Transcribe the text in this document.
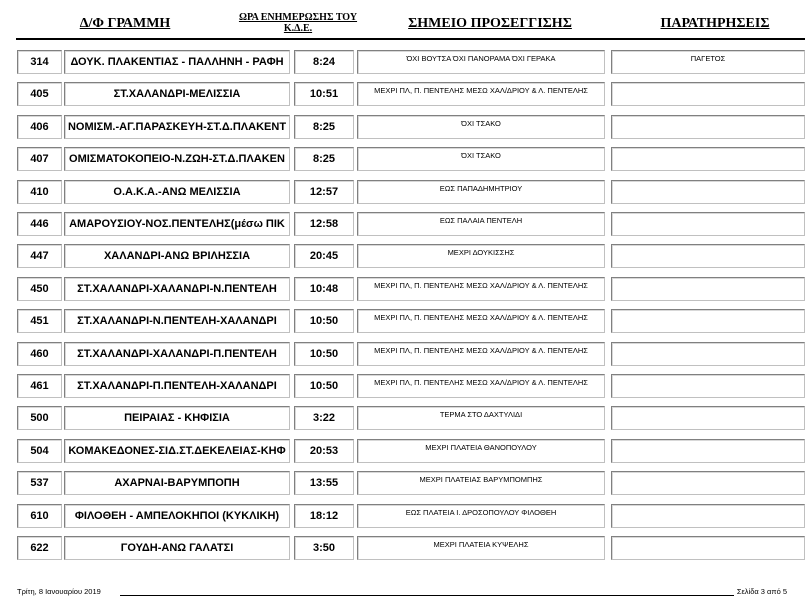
Δ/Φ ΓΡΑΜΜΗ	ΩΡΑ ΕΝΗΜΕΡΩΣΗΣ ΤΟΥ
Κ.Δ.Ε.	ΣΗΜΕΙΟ ΠΡΟΣΕΓΓΙΣΗΣ	ΠΑΡΑΤΗΡΗΣΕΙΣ
314	ΔΟΥΚ. ΠΛΑΚΕΝΤΙΑΣ - ΠΑΛΛΗΝΗ - ΡΑΦΗ	8:24	ΌΧΙ ΒΟΥΤΣΑ ΌΧΙ ΠΑΝΟΡΑΜΑ ΌΧΙ ΓΕΡΑΚΑ	ΠΑΓΕΤΟΣ
405	ΣΤ.ΧΑΛΑΝΔΡΙ-ΜΕΛΙΣΣΙΑ	10:51	ΜΕΧΡΙ ΠΛ, Π. ΠΕΝΤΕΛΗΣ ΜΕΣΩ ΧΑΛ/ΔΡΙΟΥ & Λ. ΠΕΝΤΕΛΗΣ
406	ΝΟΜΙΣΜ.-ΑΓ.ΠΑΡΑΣΚΕΥΗ-ΣΤ.Δ.ΠΛΑΚΕΝΤ	8:25	ΌΧΙ ΤΣΑΚΟ
407	ΟΜΙΣΜΑΤΟΚΟΠΕΙΟ-Ν.ΖΩΗ-ΣΤ.Δ.ΠΛΑΚΕΝ	8:25	ΌΧΙ ΤΣΑΚΟ
410	Ο.Α.Κ.Α.-ΑΝΩ ΜΕΛΙΣΣΙΑ	12:57	ΕΩΣ ΠΑΠΑΔΗΜΗΤΡΙΟΥ
446	ΑΜΑΡΟΥΣΙΟΥ-ΝΟΣ.ΠΕΝΤΕΛΗΣ(μέσω ΠΙΚ	12:58	ΕΩΣ ΠΑΛΑΙΑ ΠΕΝΤΕΛΗ
447	ΧΑΛΑΝΔΡΙ-ΑΝΩ ΒΡΙΛΗΣΣΙΑ	20:45	ΜΕΧΡΙ ΔΟΥΚΙΣΣΗΣ
450	ΣΤ.ΧΑΛΑΝΔΡΙ-ΧΑΛΑΝΔΡΙ-Ν.ΠΕΝΤΕΛΗ	10:48	ΜΕΧΡΙ ΠΛ, Π. ΠΕΝΤΕΛΗΣ ΜΕΣΩ ΧΑΛ/ΔΡΙΟΥ & Λ. ΠΕΝΤΕΛΗΣ
451	ΣΤ.ΧΑΛΑΝΔΡΙ-Ν.ΠΕΝΤΕΛΗ-ΧΑΛΑΝΔΡΙ	10:50	ΜΕΧΡΙ ΠΛ, Π. ΠΕΝΤΕΛΗΣ ΜΕΣΩ ΧΑΛ/ΔΡΙΟΥ & Λ. ΠΕΝΤΕΛΗΣ
460	ΣΤ.ΧΑΛΑΝΔΡΙ-ΧΑΛΑΝΔΡΙ-Π.ΠΕΝΤΕΛΗ	10:50	ΜΕΧΡΙ ΠΛ, Π. ΠΕΝΤΕΛΗΣ ΜΕΣΩ ΧΑΛ/ΔΡΙΟΥ & Λ. ΠΕΝΤΕΛΗΣ
461	ΣΤ.ΧΑΛΑΝΔΡΙ-Π.ΠΕΝΤΕΛΗ-ΧΑΛΑΝΔΡΙ	10:50	ΜΕΧΡΙ ΠΛ, Π. ΠΕΝΤΕΛΗΣ ΜΕΣΩ ΧΑΛ/ΔΡΙΟΥ & Λ. ΠΕΝΤΕΛΗΣ
500	ΠΕΙΡΑΙΑΣ - ΚΗΦΙΣΙΑ	3:22	ΤΕΡΜΑ ΣΤΟ ΔΑΧΤΥΛΙΔΙ
504	ΚΟΜΑΚΕΔΟΝΕΣ-ΣΙΔ.ΣΤ.ΔΕΚΕΛΕΙΑΣ-ΚΗΦ	20:53	ΜΕΧΡΙ ΠΛΑΤΕΙΑ ΘΑΝΟΠΟΥΛΟΥ
537	ΑΧΑΡΝΑΙ-ΒΑΡΥΜΠΟΠΗ	13:55	ΜΕΧΡΙ ΠΛΑΤΕΙΑΣ ΒΑΡΥΜΠΟΜΠΗΣ
610	ΦΙΛΟΘΕΗ - ΑΜΠΕΛΟΚΗΠΟΙ (ΚΥΚΛΙΚΗ)	18:12	ΕΩΣ ΠΛΑΤΕΙΑ Ι. ΔΡΟΣΟΠΟΥΛΟΥ ΦΙΛΟΘΕΗ
622	ΓΟΥΔΗ-ΑΝΩ ΓΑΛΑΤΣΙ	3:50	ΜΕΧΡΙ ΠΛΑΤΕΙΑ ΚΥΨΕΛΗΣ
Τρίτη, 8 Ιανουαρίου 2019	Σελίδα 3 από 5
